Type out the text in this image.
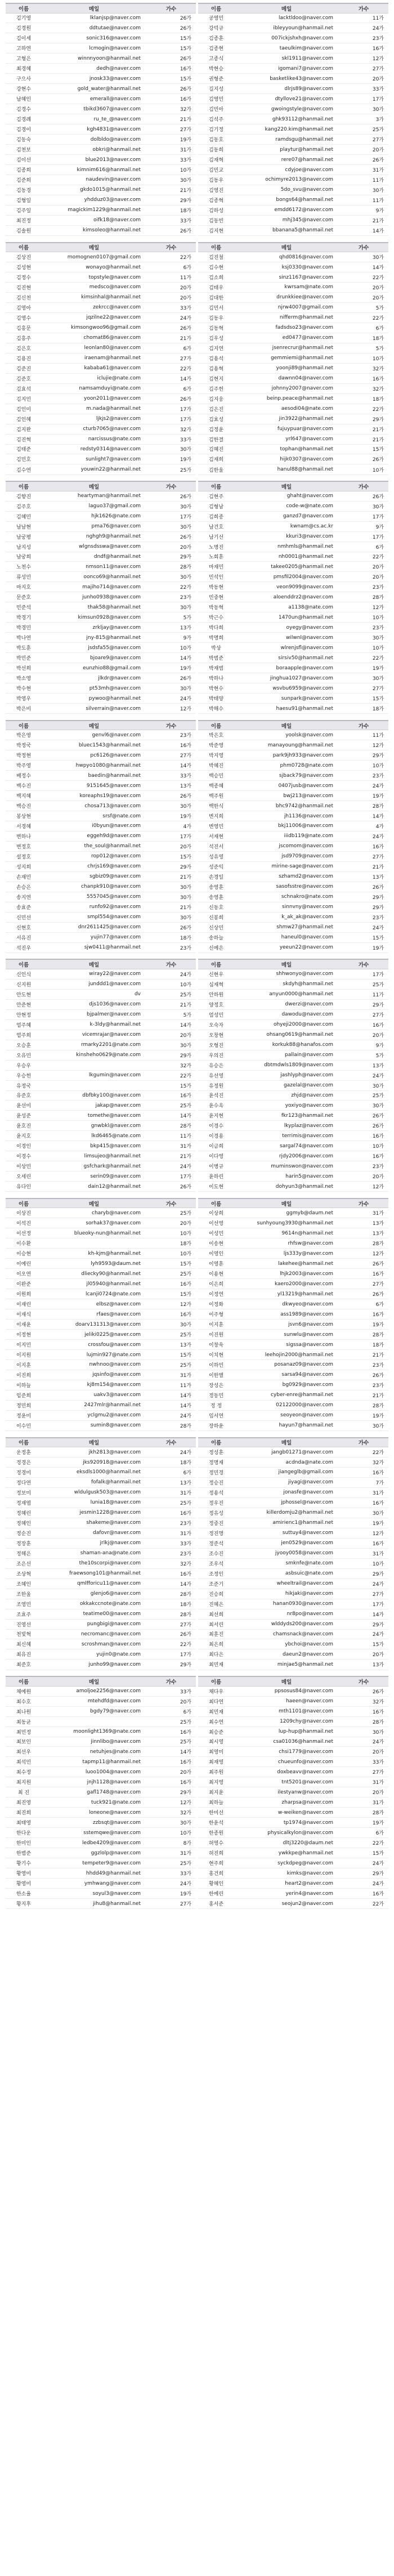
이름	메일	가수
김기영	lklanjsp@naver.com	26가
김경원	ddtutae@naver.com	26가
김이세	sonic316@naver.com	15가
고하연	lcmogin@naver.com	15가
고형은	winnnyoon@hanmail.net	26가
최경혜	dedh@naver.com	16가
구으사	jnosk33@naver.com	15가
강현수	gold_water@hanmail.net	26가
남혜인	emerall@naver.com	16가
김경수	tbikd3607@naver.com	32가
김경례	ru_te_@naver.com	21가
김경이	kgh4831@naver.com	27가
김동숙	dolbldo@naver.com	19가
김천보	obkri@hanmail.net	31가
김이선	blue2013@naver.com	33가
김종희	kimnim616@hanmail.net	10가
김준희	naudevin@naver.com	30가
김동경	gkdo1015@hanmail.net	21가
김형일	yhdduz03@naver.com	29가
김주일	magickim1229@hanmail.net	18가
최진정	oifk18@naver.com	33가
김솔원	kimsoleo@hanmail.net	26가
이름	메일	가수
공영민	lacktldoo@naver.com	11가
강덕규	ibleyyoun@hanmail.net	24가
김종훈	007ickjshxh@naver.com	23가
김종현	taeulkim@naver.com	16가
고종식	skl1911@naver.com	12가
박현승	igomani7@naver.com	27가
권형준	basketlike43@naver.com	20가
길지성	dlrjs89@naver.com	33가
김영민	dtyllove21@naver.com	17가
김민아	gwoingstyle@naver.com	30가
김석주	ghk93112@hanmail.net	3가
김기정	kang220.kim@hanmail.net	25가
김동호	ramdsgu@hanmail.net	27가
김동희	playtur@hanmail.net	20가
김재혁	rere07@hanmail.net	26가
김민교	cdyjoe@naver.com	31가
김동우	ochimyre2013@naver.com	11가
김영진	5do_svu@naver.com	30가
김종혁	bongs64@hanmail.net	11가
김하성	emdd6172@naver.com	9가
김동빈	mhj345@naver.com	21가
김지현	bbanana5@hanmail.net	14가
이름	메일	가수
김상진	momognen0107@gmail.com	22가
김성현	wonayo@hanmail.net	6가
김정수	topstyle@naver.com	11가
김진현	medsco@naver.com	20가
김신천	kimsinhal@hanmail.net	20가
김영아	zekrcc@naver.com	33가
김영수	jqzilne22@naver.com	24가
김흥문	kimsongwoo96@gmail.com	26가
김흥주	chomat86@naver.com	21가
김은호	leonlan80@naver.com	6가
김용진	iraenam@hanmail.net	27가
김준진	kababa61@naver.com	22가
김준호	iclujie@nate.com	14가
김효석	namsamduyi@nate.com	6가
김지민	yoon2011@naver.com	26가
김인미	m.nada@hanmail.net	17가
김인혜	ljkjs2@naver.com	17가
김지완	cturb7065@naver.com	32가
김진혁	narcissus@nate.com	33가
김태준	redsty0314@naver.com	30가
김민호	sunlight7@naver.com	19가
김수연	youwin22@hanmail.net	25가
이름	메일	가수
김진철	qhd0816@naver.com	30가
김수현	ksj0330@naver.com	14가
김소희	sinz1167@naver.com	22가
김태우	kwrsam@nate.com	20가
김대한	drunkkiee@naver.com	20가
김민서	njrw4007@gmail.com	5가
김동우	nifferm@hanmail.net	22가
김동혁	fadsdso23@naver.com	6가
김우성	ed0477@naver.com	18가
김지연	jsenrecrur@hanmail.net	5가
김용석	gemmiemi@hanmail.net	10가
김용혁	yoonji89@hanmail.net	32가
김현지	dawnn04@naver.com	16가
김주헌	johnny2007@naver.com	32가
김지웅	beinp.peace@hanmail.net	18가
김은진	aesodi04@nate.com	22가
김효성	jin3922@hanmail.net	29가
김정윤	fujuypuar@naver.com	21가
김한결	yrl647@naver.com	21가
김혜진	tophan@hanmail.net	15가
김재희	hijk0307@naver.com	26가
김한울	hanul88@hanmail.net	10가
이름	메일	가수
김향진	heartyman@hanmail.net	26가
김주호	laguo37@gmail.com	30가
김혜민	hjk1626@nate.com	17가
남남현	pma76@naver.com	30가
남궁평	nghgh9@hanmail.net	26가
남지성	wlgnsdsswa@naver.com	20가
남궁희	dndf@hanmail.net	29가
노천수	nmson11@naver.com	28가
류성민	oonco69@hanmail.net	30가
마지호	majiho714@naver.com	22가
문준호	junho0938@naver.com	23가
민준석	thak58@hanmail.net	30가
박경기	kimsun0928@naver.com	5가
박경민	zrkljay@naver.com	13가
박나연	jny-815@hanmail.net	9가
박도훈	jsdsfa55@naver.com	10가
박민준	bjoare9@naver.com	14가
박선희	eunzhio88@gmail.com	19가
박소영	jlkdr@naver.com	26가
박수현	pt53mh@naver.com	30가
박영우	pywoo@hanmail.net	24가
박은비	silverrain@naver.com	12가
이름	메일	가수
김현주	ghaht@naver.com	26가
김형남	code-w@nate.com	30가
김희종	ganzd7@naver.com	17가
남건호	kwnam@cs.ac.kr	9가
남기선	kkuri3@naver.com	17가
노명진	nmhmls@hanmail.net	6가
노회훈	nh0001@hanmail.net	22가
마재민	takee0205@hanmail.net	20가
민석인	pmsfil2004@naver.com	20가
박동현	veon9099@naver.com	23가
민중현	aloenddrz2@naver.com	28가
박동혁	a1138@nate.com	12가
박근수	1470un@hanmail.net	10가
박다희	oyegy@naver.com	23가
박명희	wilwnl@naver.com	30가
박상	wlrenjsfl@naver.com	10가
박범준	sirsiv50@hanmail.net	22가
박재범	boraapple@naver.com	19가
박하나	jinghua1027@naver.com	30가
박현수	wsvbu6959@naver.com	27가
박태양	sunpark@naver.com	15가
박해수	haesu91@hanmail.net	18가
이름	메일	가수
박은영	genvl6@naver.com	23가
박정국	bluec1543@hanmail.net	16가
박정현	pc6126@naver.com	27가
박주영	hwpyo1080@hanmail.net	14가
배정수	baedin@hanmail.net	33가
백수진	9151645@naver.com	13가
백지혜	koreaphs19@naver.com	26가
백승진	chosa713@naver.com	30가
봉상현	srsf@nate.com	19가
서경혜	i0byun@naver.com	4가
변하나	eggeh9d@naver.com	17가
변정호	the_soul@hanmail.net	20가
설정호	rop012@naver.com	15가
성지희	chrjs169@naver.com	29가
손재민	sgbiz09@naver.com	21가
손승은	chanpk910@naver.com	30가
송지연	5557045@naver.com	30가
송효준	runfo92@naver.com	21가
신민선	smpl554@naver.com	30가
신현호	dnr2611425@naver.com	26가
서유진	yujin77@naver.com	18가
석진우	sjw0411@hanmail.net	23가
이름	메일	가수
박은호	yoolsk@naver.com	11가
박준영	manayoung@hanmail.net	12가
박지영	park9jh933@naver.com	29가
박혜진	phm0728@nate.com	10가
백승민	sjback79@naver.com	23가
백종혜	0407jusb@naver.com	24가
백주원	bwj213@naver.com	19가
백한식	bhc9742@hanmail.net	28가
변지희	jh1136@naver.com	14가
변영민	bkj11006@naver.com	4가
서재현	iiidb119@nate.com	24가
석진서	jscomom@naver.com	16가
성유영	jsd9709@naver.com	27가
성준익	mirine-sage@naver.com	21가
손경일	szhamd2@naver.com	13가
송영훈	sasofsstre@naver.com	26가
송영훈	schnakro@nate.com	29가
신동호	sinnvny@naver.com	29가
신봉희	k_ak_ak@naver.com	23가
신상민	shmw27@hanmail.net	24가
송하늘	haneul0@naver.com	15가
신예은	yeeun22@naver.com	19가
이름	메일	가수
신인식	wiray22@naver.com	24가
신지원	junddd1@naver.com	10가
안도현	dv	25가
안준현	djs1036@naver.com	21가
안현정	bjpalmer@naver.com	5가
엄주혜	k-3ldy@hanmail.net	14가
엄주희	vicemrajar@naver.com	20가
오승훈	rmarky2201@nate.com	30가
오유민	kinsheho0629@nate.com	29가
우승우		32가
우승헌	lkgumin@naver.com	22가
유정국		15가
유준호	dbfbky100@naver.com	16가
윤선미	jakap@naver.com	25가
윤성준	tomethe@naver.com	14가
윤호진	gnwbkl@naver.com	28가
윤지호	lkd6465@nate.com	11가
이경인	bkp415@naver.com	31가
이경수	limsujeo@hanmail.net	21가
이상민	gsfchark@hanmail.net	24가
오세린	serin09@naver.com	17가
유다인	dain12@hanmail.net	26가
이름	메일	가수
신현우	shhwonyo@naver.com	17가
심재혁	skdyh@hanmail.net	25가
안하원	anyun0000@hanmail.net	11가
양정호	dwerzi@naver.com	29가
엄성민	dawodu@naver.com	27가
오숙자	ohyeji2000@naver.com	16가
오창현	ohsang0619@hanmail.net	20가
오형진	korkuk88@hanafos.com	9가
우의진	pallain@naver.com	5가
유승은	dbtmdwls1809@naver.com	13가
유선영	jashlyph@naver.com	24가
유정원	gazelal@naver.com	30가
윤석진	zhjd@naver.com	25가
윤수옥	yoxiyo@naver.com	30가
윤지현	fkr123@hanmail.net	26가
이경수	lkyplaz@naver.com	26가
이경용	terrimis@naver.com	16가
이금희	sargal74@naver.com	10가
이다영	rjdy2006@naver.com	16가
이병규	muminswon@naver.com	23가
윤하린	harin5@naver.com	20가
이도현	dohyun3@hanmail.net	12가
이름	메일	가수
이상진	charyb@naver.com	25가
이석진	sorhak37@naver.com	20가
이선정	blueoky-nun@hanmail.net	10가
이수환		18가
이승현	kh-kjm@hanmail.net	10가
이예린	lyh9593@daum.net	15가
이오연	dliecky90@hanmail.net	25가
이완준	jl05940@hanmail.net	16가
이원희	lcanji0724@nate.com	15가
이재린	elbsz@naver.com	12가
이재식	rfaes@naver.com	16가
이재윤	doarv131313@naver.com	30가
이정현	jeliki0225@naver.com	25가
이지민	crossfou@naver.com	13가
이지원	lujmin927@nate.com	15가
이지훈	nwhnoo@naver.com	25가
이진희	jqsinfo@naver.com	31가
이하늘	kj8m154@naver.com	11가
임준희	uakv3@naver.com	14가
정민희	2427mlr@hanmail.net	14가
정윤미	yclgmu2@naver.com	24가
이수민	sumin8@naver.com	28가
이름	메일	가수
이상희	ggmyb@daum.net	31가
이선영	sunhyoung3930@hanmail.net	13가
이성민	9614n@hanmail.net	13가
이송현	rhfsw@naver.com	28가
이영인	ljs333y@naver.com	12가
이영훈	lakehee@hanmail.net	26가
이용현	lhjk2003@naver.com	16가
이은희	kaero2000@naver.com	27가
이정연	yl13219@hanmail.net	26가
이정화	dkwyeo@naver.com	6가
이주형	ass1989@naver.com	16가
이지훈	jsvn6@naver.com	19가
이진원	sunwlu@naver.com	28가
이창욱	sigssa@naver.com	18가
이치현	leehojin2000@hanmail.net	21가
이하민	posanaz09@naver.com	23가
이한별	sarsa94@naver.com	26가
장성은	bg0929@naver.com	23가
정동민	cyber-enre@hanmail.net	21가
정 정	02122000@naver.com	28가
임서연	seoyeon@naver.com	19가
장하윤	hayun7@hanmail.net	30가
이름	메일	가수
운정훈	jkh2813@naver.com	24가
정경은	jks920918@naver.com	18가
정경미	eksdls1000@hanmail.net	6가
정다연	fofalk@hanmail.net	13가
정보미	wldulgusk503@naver.com	31가
정재엽	lunia18@naver.com	25가
정혜린	jesmin1228@naver.com	16가
정혜인	shakeme@naver.com	23가
정순진	dafovr@naver.com	31가
정장훈	jrlkj@naver.com	33가
정해은	shaman-ana@nate.com	23가
조은선	the10scorpi@naver.com	32가
조상혁	fraewsong101@hanmail.net	16가
조혜인	qmlfforicu11@naver.com	14가
조한울	glenjo6@naver.com	28가
조영민	okkakccnote@nate.com	18가
조효주	teatime00@naver.com	28가
진영선	pungbigi@naver.com	27가
천빛혁	necromanc@naver.com	26가
최신혜	scroshman@naver.com	22가
최유진	yujin0@nate.com	17가
최준호	junho99@naver.com	29가
이름	메일	가수
정성훈	jangb01271@naver.com	22가
정명재	acdnda@nate.com	32가
정민경	jiangeglb@gmail.com	16가
정승진	jiyagi@naver.com	7가
정용석	jonasfe@naver.com	31가
정우진	jphossel@naver.com	16가
정유성	killerdomju2@hanmail.net	30가
정중진	amirienc1@hanmail.net	19가
정진명	suttuy4@naver.com	12가
정준석	jen0529@naver.com	16가
조수진	jyooy0058@naver.com	31가
조우석	smknfe@nate.com	10가
조정인	asbsuic@nate.com	29가
조준기	wheeltrail@naver.com	24가
진승희	hikjaki@naver.com	27가
진혜은	hanan0930@naver.com	17가
최선희	nr8po@naver.com	14가
최서린	wlddyds200@naver.com	29가
최훈진	chamsnack@naver.com	24가
최은희	ybchoi@naver.com	15가
최다은	daeun2@naver.com	20가
최민재	minjae5@hanmail.net	13가
이름	메일	가수
채예원	amoljoe2256@naver.com	33가
최수호	mtehdfd@naver.com	20가
최나원	bgdy79@naver.com	6가
최동균		25가
최민정	moonlight1369@nate.com	16가
최보인	jinnlibo@naver.com	25가
최선우	netuhjes@nate.com	14가
최석민	tapmp11@hanmail.net	16가
최수정	luoo1004@naver.com	20가
최지원	jnjh1128@naver.com	16가
최 진	gafl1748@naver.com	29가
최진영	tuck921@nate.com	12가
최진희	loneone@naver.com	32가
최태영	zzbsqt@naver.com	30가
한다운	sstemqwe@naver.com	10가
한미인	ledbe4209@naver.com	8가
한범준	ggzlolp@naver.com	31가
황기수	tempeter9@naver.com	25가
황영미	hhdd49@hanmail.net	33가
황영미	ymhwang@naver.com	24가
한소율	soyul3@naver.com	19가
황지후	jihu8@hanmail.net	27가
이름	메일	가수
채다우	ppsosus84@naver.com	26가
최다연	haeen@naver.com	32가
최민재	mth1101@naver.com	16가
최수연	1209chy@naver.com	28가
최승준	lup-hup@hanmail.net	30가
최시영	csa01036@hanmail.net	24가
최영미	chsi1779@naver.com	20가
최재영	chueunfo@naver.com	33가
최주원	doxbeavv@naver.com	27가
최지영	tnt5201@naver.com	31가
최지윤	ilestyanw@naver.com	20가
최하늘	zharpsa@naver.com	31가
한미선	w-weiken@naver.com	28가
한윤석	tp1974@naver.com	19가
한종원	physicalkylon@naver.com	6가
허영수	dltj3220@daum.net	22가
허진희	ywkkpe@hanmail.net	15가
현주희	syckdpeg@naver.com	24가
홍건희	kimks@naver.com	29가
황혜인	heart2@naver.com	24가
한예린	yerin4@naver.com	16가
홍서준	seojun2@naver.com	22가
